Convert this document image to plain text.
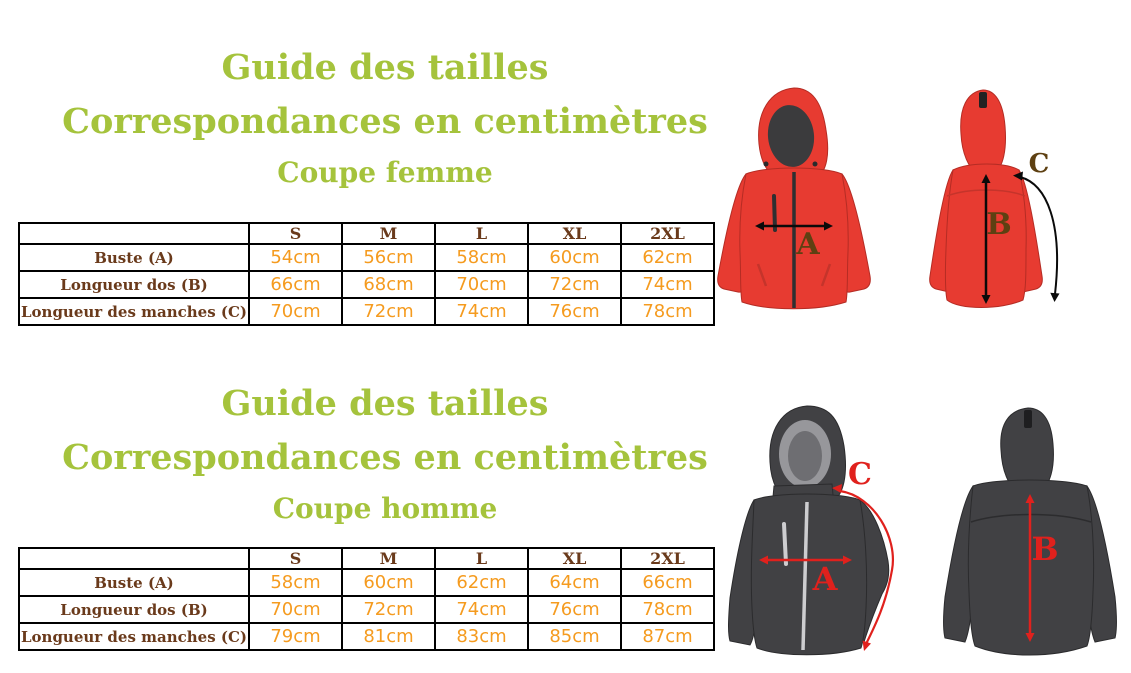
Guide des tailles
Correspondances en centimètres
Coupe femme
	S	M	L	XL	2XL
Buste (A)	54cm	56cm	58cm	60cm	62cm
Longueur dos (B)	66cm	68cm	70cm	72cm	74cm
Longueur des manches (C)	70cm	72cm	74cm	76cm	78cm
A
B
C
Guide des tailles
Correspondances en centimètres
Coupe homme
	S	M	L	XL	2XL
Buste (A)	58cm	60cm	62cm	64cm	66cm
Longueur dos (B)	70cm	72cm	74cm	76cm	78cm
Longueur des manches (C)	79cm	81cm	83cm	85cm	87cm
A
C
B
